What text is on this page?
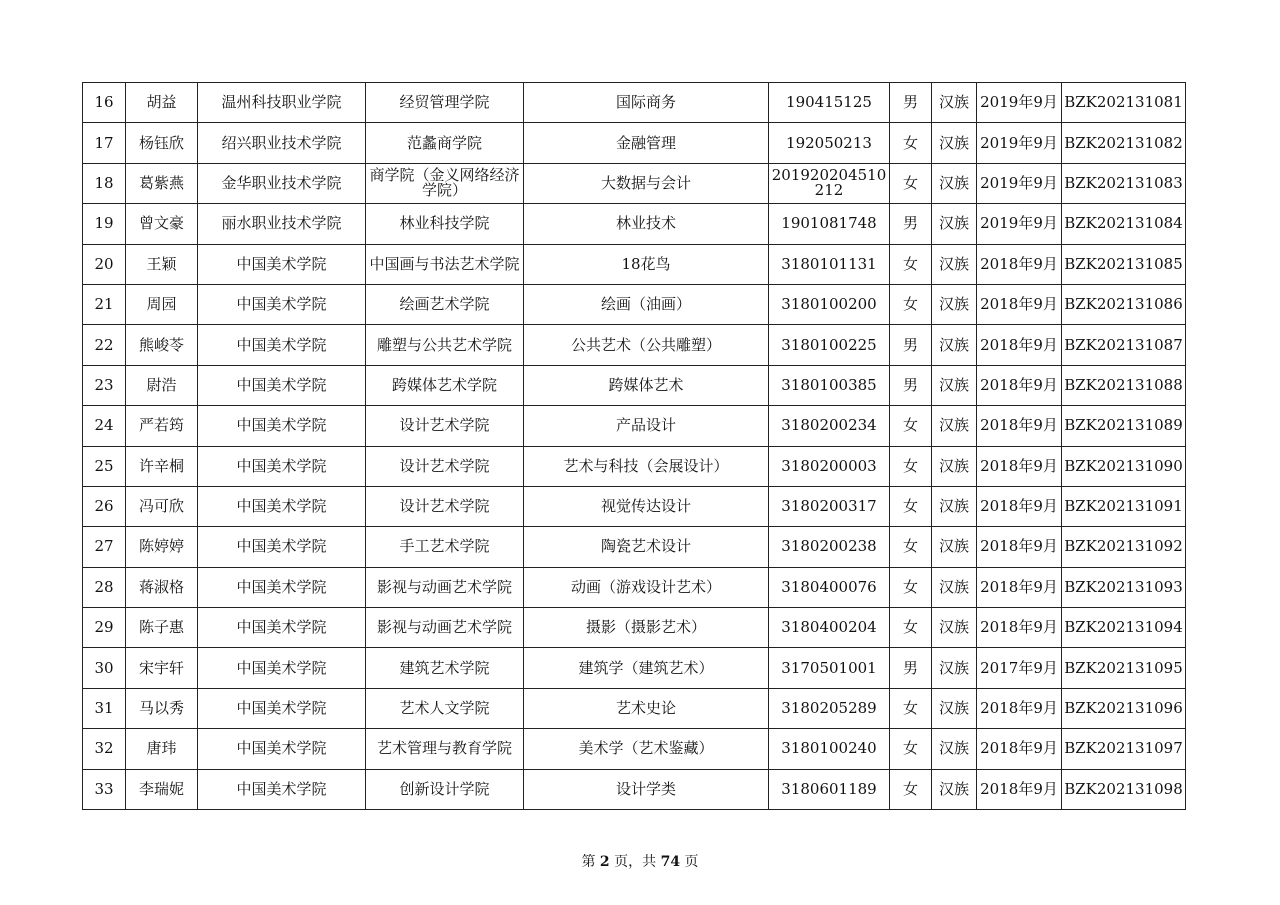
16	胡益	温州科技职业学院	经贸管理学院	国际商务	190415125	男	汉族	2019年9月	BZK202131081
17	杨钰欣	绍兴职业技术学院	范蠡商学院	金融管理	192050213	女	汉族	2019年9月	BZK202131082
18	葛紫燕	金华职业技术学院	商学院（金义网络经济学院）	大数据与会计	201920204510212	女	汉族	2019年9月	BZK202131083
19	曾文豪	丽水职业技术学院	林业科技学院	林业技术	1901081748	男	汉族	2019年9月	BZK202131084
20	王颖	中国美术学院	中国画与书法艺术学院	18花鸟	3180101131	女	汉族	2018年9月	BZK202131085
21	周园	中国美术学院	绘画艺术学院	绘画（油画）	3180100200	女	汉族	2018年9月	BZK202131086
22	熊峻苓	中国美术学院	雕塑与公共艺术学院	公共艺术（公共雕塑）	3180100225	男	汉族	2018年9月	BZK202131087
23	尉浩	中国美术学院	跨媒体艺术学院	跨媒体艺术	3180100385	男	汉族	2018年9月	BZK202131088
24	严若筠	中国美术学院	设计艺术学院	产品设计	3180200234	女	汉族	2018年9月	BZK202131089
25	许辛桐	中国美术学院	设计艺术学院	艺术与科技（会展设计）	3180200003	女	汉族	2018年9月	BZK202131090
26	冯可欣	中国美术学院	设计艺术学院	视觉传达设计	3180200317	女	汉族	2018年9月	BZK202131091
27	陈婷婷	中国美术学院	手工艺术学院	陶瓷艺术设计	3180200238	女	汉族	2018年9月	BZK202131092
28	蒋淑格	中国美术学院	影视与动画艺术学院	动画（游戏设计艺术）	3180400076	女	汉族	2018年9月	BZK202131093
29	陈子惠	中国美术学院	影视与动画艺术学院	摄影（摄影艺术）	3180400204	女	汉族	2018年9月	BZK202131094
30	宋宇轩	中国美术学院	建筑艺术学院	建筑学（建筑艺术）	3170501001	男	汉族	2017年9月	BZK202131095
31	马以秀	中国美术学院	艺术人文学院	艺术史论	3180205289	女	汉族	2018年9月	BZK202131096
32	唐玮	中国美术学院	艺术管理与教育学院	美术学（艺术鉴藏）	3180100240	女	汉族	2018年9月	BZK202131097
33	李瑞妮	中国美术学院	创新设计学院	设计学类	3180601189	女	汉族	2018年9月	BZK202131098
第 2 页，共 74 页
